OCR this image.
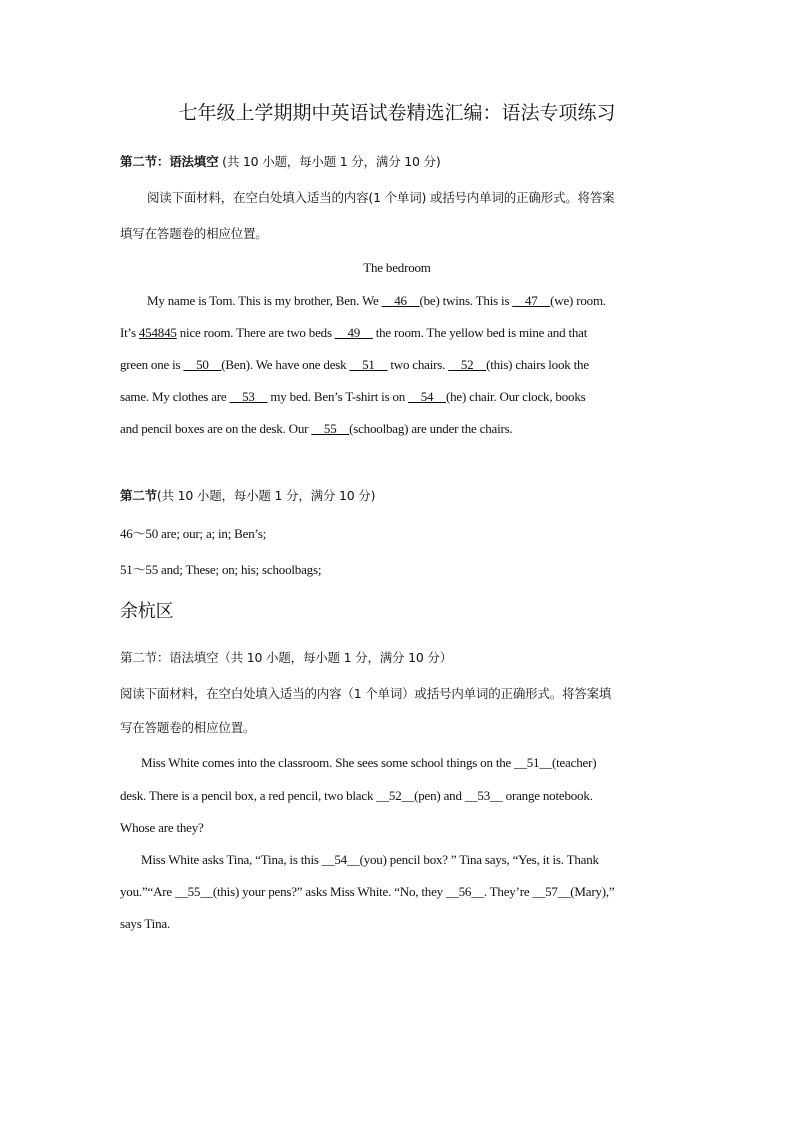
七年级上学期期中英语试卷精选汇编：语法专项练习
第二节：语法填空 (共 10 小题，每小题 1 分，满分 10 分)
阅读下面材料，在空白处填入适当的内容(1 个单词) 或括号内单词的正确形式。将答案
填写在答题卷的相应位置。
The bedroom
My name is Tom. This is my brother, Ben. We __46__(be) twins. This is __47__(we) room.
It’s 454845 nice room. There are two beds __49__ the room. The yellow bed is mine and that
green one is __50__(Ben). We have one desk __51__ two chairs. __52__(this) chairs look the
same. My clothes are __53__ my bed. Ben’s T-shirt is on __54__(he) chair. Our clock, books
and pencil boxes are on the desk. Our __55__(schoolbag) are under the chairs.
第二节(共 10 小题，每小题 1 分，满分 10 分)
46～50 are; our; a; in; Ben’s;
51～55 and; These; on; his; schoolbags;
余杭区
第二节：语法填空（共 10 小题，每小题 1 分，满分 10 分）
阅读下面材料，在空白处填入适当的内容（1 个单词）或括号内单词的正确形式。将答案填
写在答题卷的相应位置。
Miss White comes into the classroom. She sees some school things on the __51__(teacher)
desk. There is a pencil box, a red pencil, two black __52__(pen) and __53__ orange notebook.
Whose are they?
Miss White asks Tina, “Tina, is this __54__(you) pencil box? ” Tina says, “Yes, it is. Thank
you.”“Are __55__(this) your pens?” asks Miss White. “No, they __56__. They’re __57__(Mary),”
says Tina.
